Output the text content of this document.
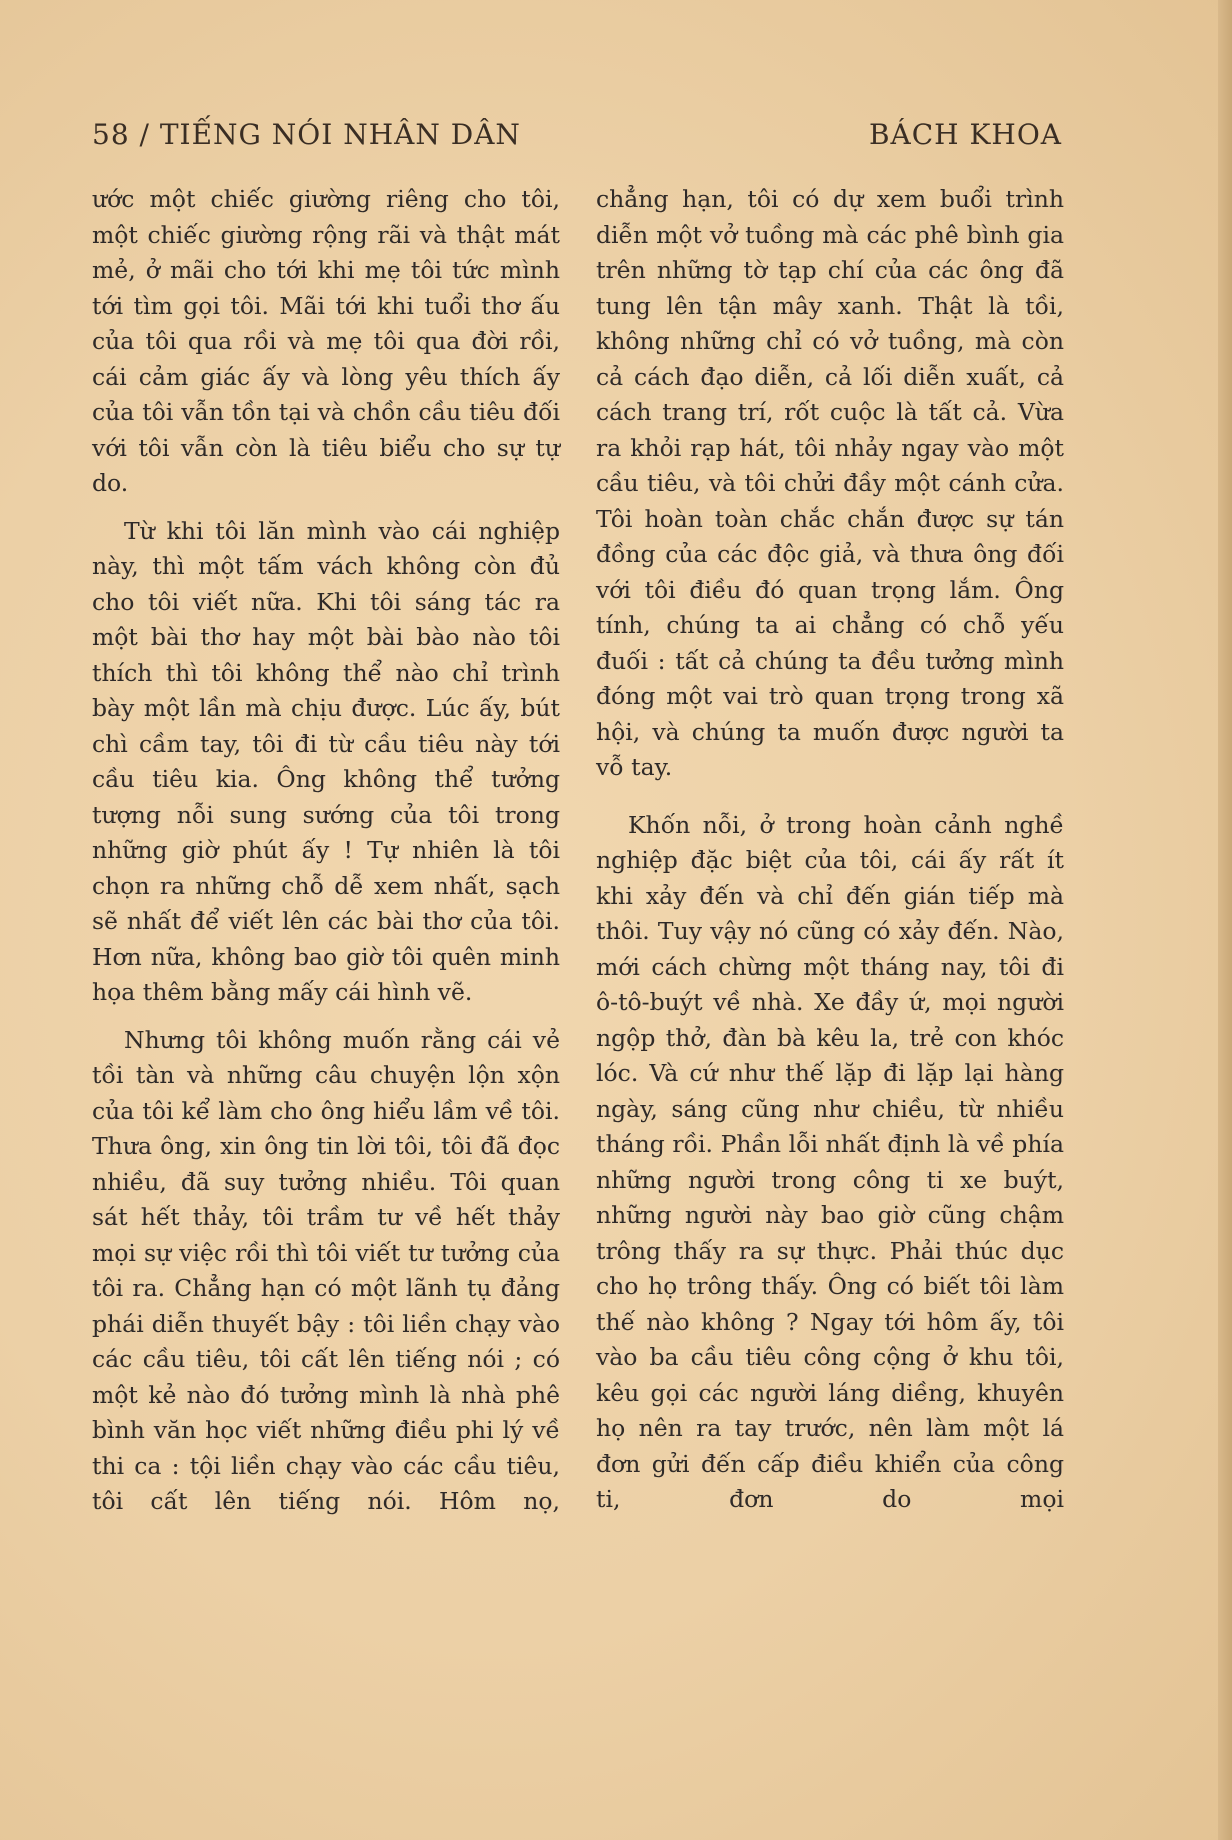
58 / TIẾNG NÓI NHÂN DÂN	BÁCH KHOA

ước một chiếc giường riêng cho tôi, một chiếc giường rộng rãi và thật mát mẻ, ở mãi cho tới khi mẹ tôi tức mình tới tìm gọi tôi. Mãi tới khi tuổi thơ ấu của tôi qua rồi và mẹ tôi qua đời rồi, cái cảm giác ấy và lòng yêu thích ấy của tôi vẫn tồn tại và chồn cầu tiêu đối với tôi vẫn còn là tiêu biểu cho sự tự do.

Từ khi tôi lăn mình vào cái nghiệp này, thì một tấm vách không còn đủ cho tôi viết nữa. Khi tôi sáng tác ra một bài thơ hay một bài bào nào tôi thích thì tôi không thể nào chỉ trình bày một lần mà chịu được. Lúc ấy, bút chì cầm tay, tôi đi từ cầu tiêu này tới cầu tiêu kia. Ông không thể tưởng tượng nỗi sung sướng của tôi trong những giờ phút ấy ! Tự nhiên là tôi chọn ra những chỗ dễ xem nhất, sạch sẽ nhất để viết lên các bài thơ của tôi. Hơn nữa, không bao giờ tôi quên minh họa thêm bằng mấy cái hình vẽ.

Nhưng tôi không muốn rằng cái vẻ tồi tàn và những câu chuyện lộn xộn của tôi kể làm cho ông hiểu lầm về tôi. Thưa ông, xin ông tin lời tôi, tôi đã đọc nhiều, đã suy tưởng nhiều. Tôi quan sát hết thảy, tôi trầm tư về hết thảy mọi sự việc rồi thì tôi viết tư tưởng của tôi ra. Chẳng hạn có một lãnh tụ đảng phái diễn thuyết bậy : tôi liền chạy vào các cầu tiêu, tôi cất lên tiếng nói ; có một kẻ nào đó tưởng mình là nhà phê bình văn học viết những điều phi lý về thi ca : tội liền chạy vào các cầu tiêu, tôi cất lên tiếng nói. Hôm nọ,

chẳng hạn, tôi có dự xem buổi trình diễn một vở tuồng mà các phê bình gia trên những tờ tạp chí của các ông đã tung lên tận mây xanh. Thật là tồi, không những chỉ có vở tuồng, mà còn cả cách đạo diễn, cả lối diễn xuất, cả cách trang trí, rốt cuộc là tất cả. Vừa ra khỏi rạp hát, tôi nhảy ngay vào một cầu tiêu, và tôi chửi đầy một cánh cửa. Tôi hoàn toàn chắc chắn được sự tán đồng của các độc giả, và thưa ông đối với tôi điều đó quan trọng lắm. Ông tính, chúng ta ai chẳng có chỗ yếu đuối : tất cả chúng ta đều tưởng mình đóng một vai trò quan trọng trong xã hội, và chúng ta muốn được người ta vỗ tay.

Khốn nỗi, ở trong hoàn cảnh nghề nghiệp đặc biệt của tôi, cái ấy rất ít khi xảy đến và chỉ đến gián tiếp mà thôi. Tuy vậy nó cũng có xảy đến. Nào, mới cách chừng một tháng nay, tôi đi ô-tô-buýt về nhà. Xe đầy ứ, mọi người ngộp thở, đàn bà kêu la, trẻ con khóc lóc. Và cứ như thế lặp đi lặp lại hàng ngày, sáng cũng như chiều, từ nhiều tháng rồi. Phần lỗi nhất định là về phía những người trong công ti xe buýt, những người này bao giờ cũng chậm trông thấy ra sự thực. Phải thúc dục cho họ trông thấy. Ông có biết tôi làm thế nào không ? Ngay tới hôm ấy, tôi vào ba cầu tiêu công cộng ở khu tôi, kêu gọi các người láng diềng, khuyên họ nên ra tay trước, nên làm một lá đơn gửi đến cấp điều khiển của công ti, đơn do mọi
